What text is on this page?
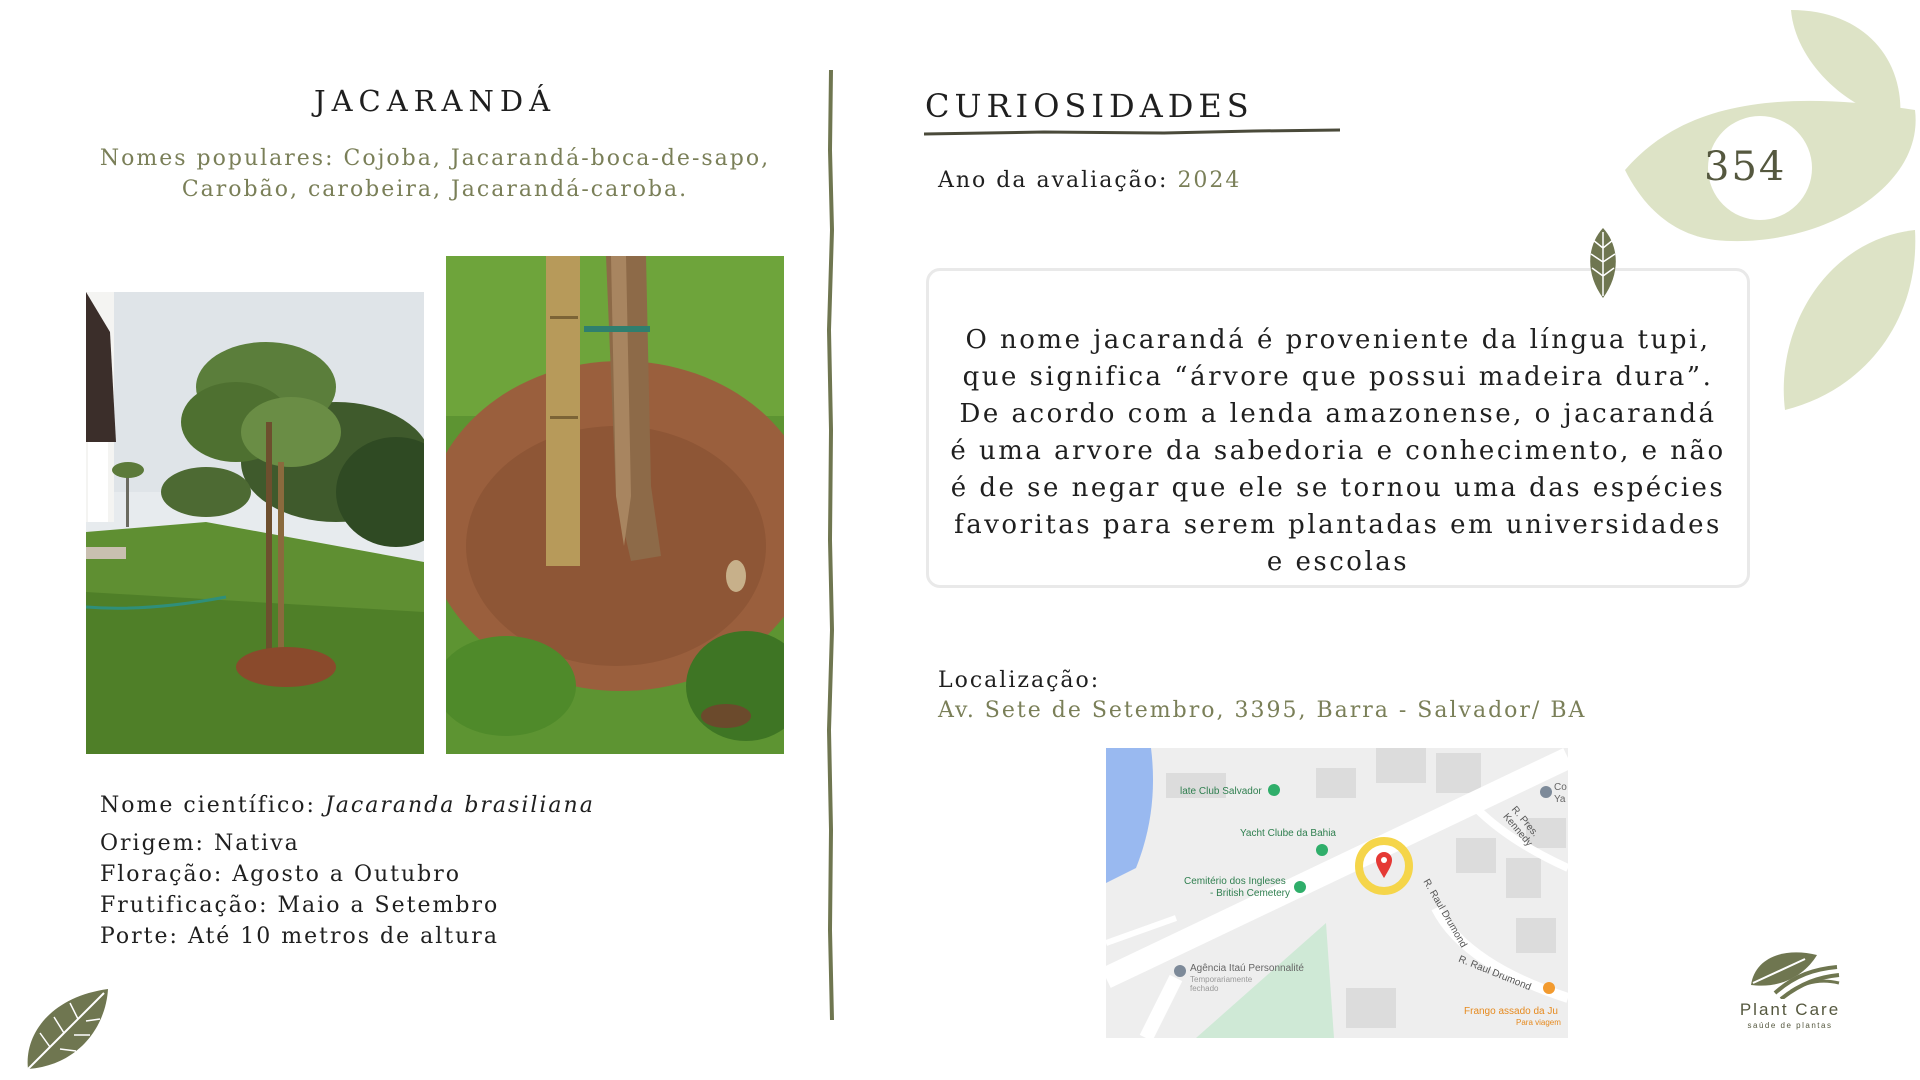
JACARANDÁ
Nomes populares: Cojoba, Jacarandá-boca-de-sapo,
Carobão, carobeira, Jacarandá-caroba.
Nome científico: Jacaranda brasiliana
Origem: Nativa
Floração: Agosto a Outubro
Frutificação: Maio a Setembro
Porte: Até 10 metros de altura
CURIOSIDADES
Ano da avaliação: 2024
O nome jacarandá é proveniente da língua tupi,
que significa “árvore que possui madeira dura”.
De acordo com a lenda amazonense, o jacarandá
é uma arvore da sabedoria e conhecimento, e não
é de se negar que ele se tornou uma das espécies
favoritas para serem plantadas em universidades
e escolas
Localização:
Av. Sete de Setembro, 3395, Barra - Salvador/ BA
late Club Salvador
Yacht Clube da Bahia
Cemitério dos Ingleses
- British Cemetery
R. Pres. Kennedy
R. Raul Drumond
R. Raul Drumond
Agência Itaú Personnalité
Temporariamente
fechado
Frango assado da Ju
Para viagem
Co
Ya
354
Plant Care
saúde de plantas
